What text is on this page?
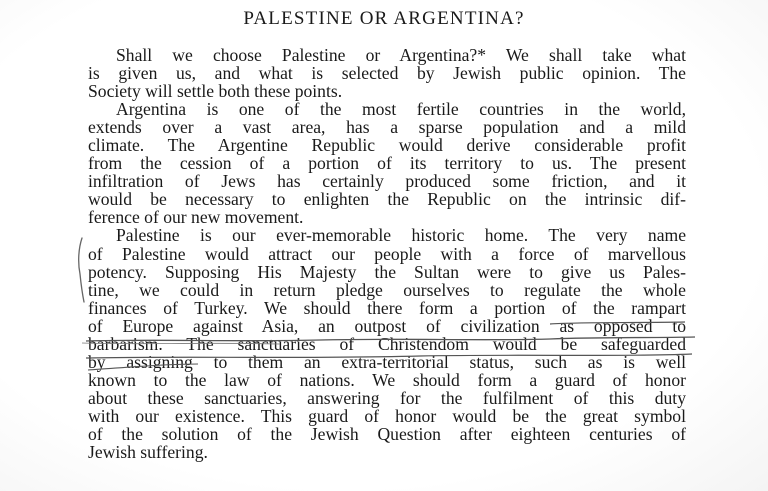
PALESTINE OR ARGENTINA?
Shall we choose Palestine or Argentina?* We shall take what
is given us, and what is selected by Jewish public opinion. The
Society will settle both these points.
Argentina is one of the most fertile countries in the world,
extends over a vast area, has a sparse population and a mild
climate. The Argentine Republic would derive considerable profit
from the cession of a portion of its territory to us. The present
infiltration of Jews has certainly produced some friction, and it
would be necessary to enlighten the Republic on the intrinsic dif-
ference of our new movement.
Palestine is our ever-memorable historic home. The very name
of Palestine would attract our people with a force of marvellous
potency. Supposing His Majesty the Sultan were to give us Pales-
tine, we could in return pledge ourselves to regulate the whole
finances of Turkey. We should there form a portion of the rampart
of Europe against Asia, an outpost of civilization as opposed to
barbarism. The sanctuaries of Christendom would be safeguarded
by assigning to them an extra-territorial status, such as is well
known to the law of nations. We should form a guard of honor
about these sanctuaries, answering for the fulfilment of this duty
with our existence. This guard of honor would be the great symbol
of the solution of the Jewish Question after eighteen centuries of
Jewish suffering.
